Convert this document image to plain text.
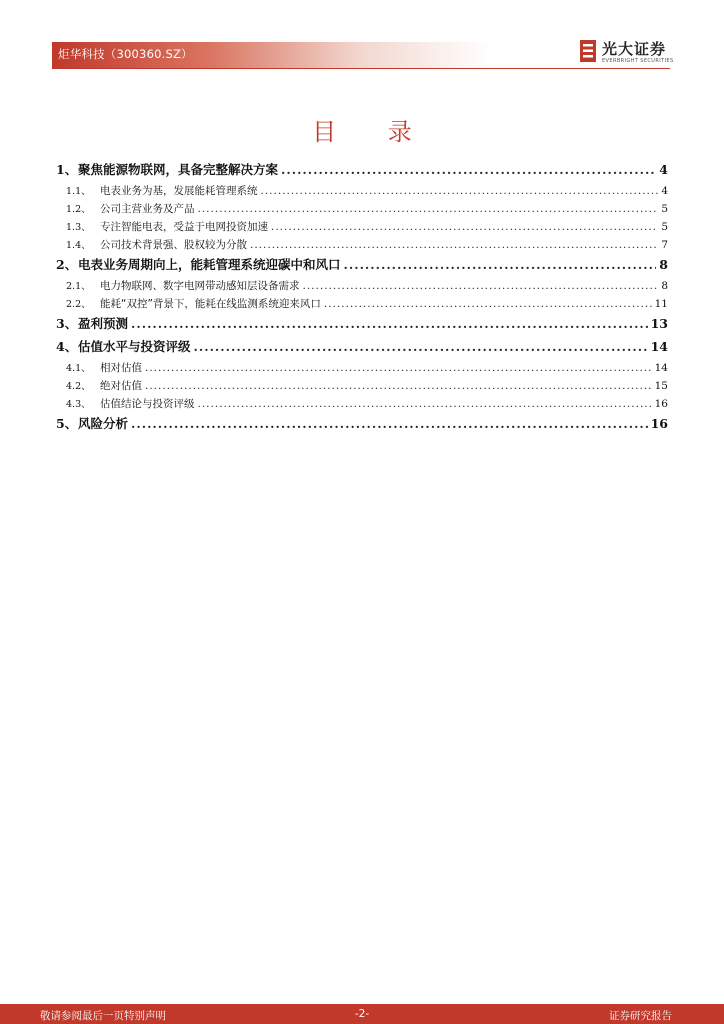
炬华科技（300360.SZ）	光大证券
EVERBRIGHT SECURITIES
目 录
1、 聚焦能源物联网，具备完整解决方案 .....	4
1.1、 电表业务为基，发展能耗管理系统 .....	4
1.2、 公司主营业务及产品 .....	5
1.3、 专注智能电表，受益于电网投资加速 .....	5
1.4、 公司技术背景强、股权较为分散 .....	7
2、 电表业务周期向上，能耗管理系统迎碳中和风口 .....	8
2.1、 电力物联网、数字电网带动感知层设备需求 .....	8
2.2、 能耗“双控”背景下，能耗在线监测系统迎来风口 .....	11
3、 盈利预测 .....	13
4、 估值水平与投资评级 .....	14
4.1、 相对估值 .....	14
4.2、 绝对估值 .....	15
4.3、 估值结论与投资评级 .....	16
5、 风险分析 .....	16
敬请参阅最后一页特别声明	-2-	证券研究报告
